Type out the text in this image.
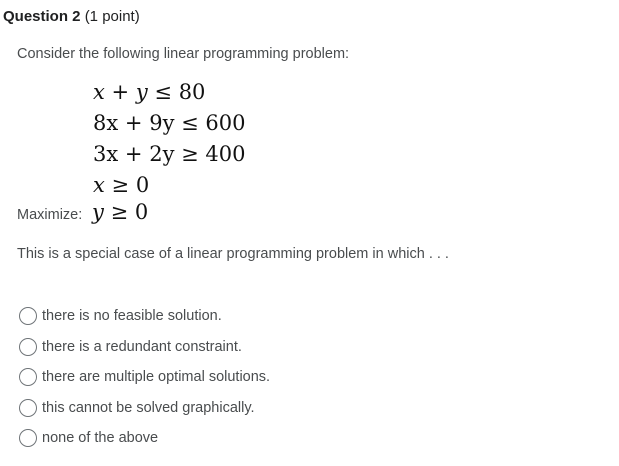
Question 2 (1 point)
Consider the following linear programming problem:
x + y ≤ 80
8x + 9y ≤ 600
3x + 2y ≥ 400
x ≥ 0
Maximize: y ≥ 0
This is a special case of a linear programming problem in which . . .
there is no feasible solution.
there is a redundant constraint.
there are multiple optimal solutions.
this cannot be solved graphically.
none of the above
